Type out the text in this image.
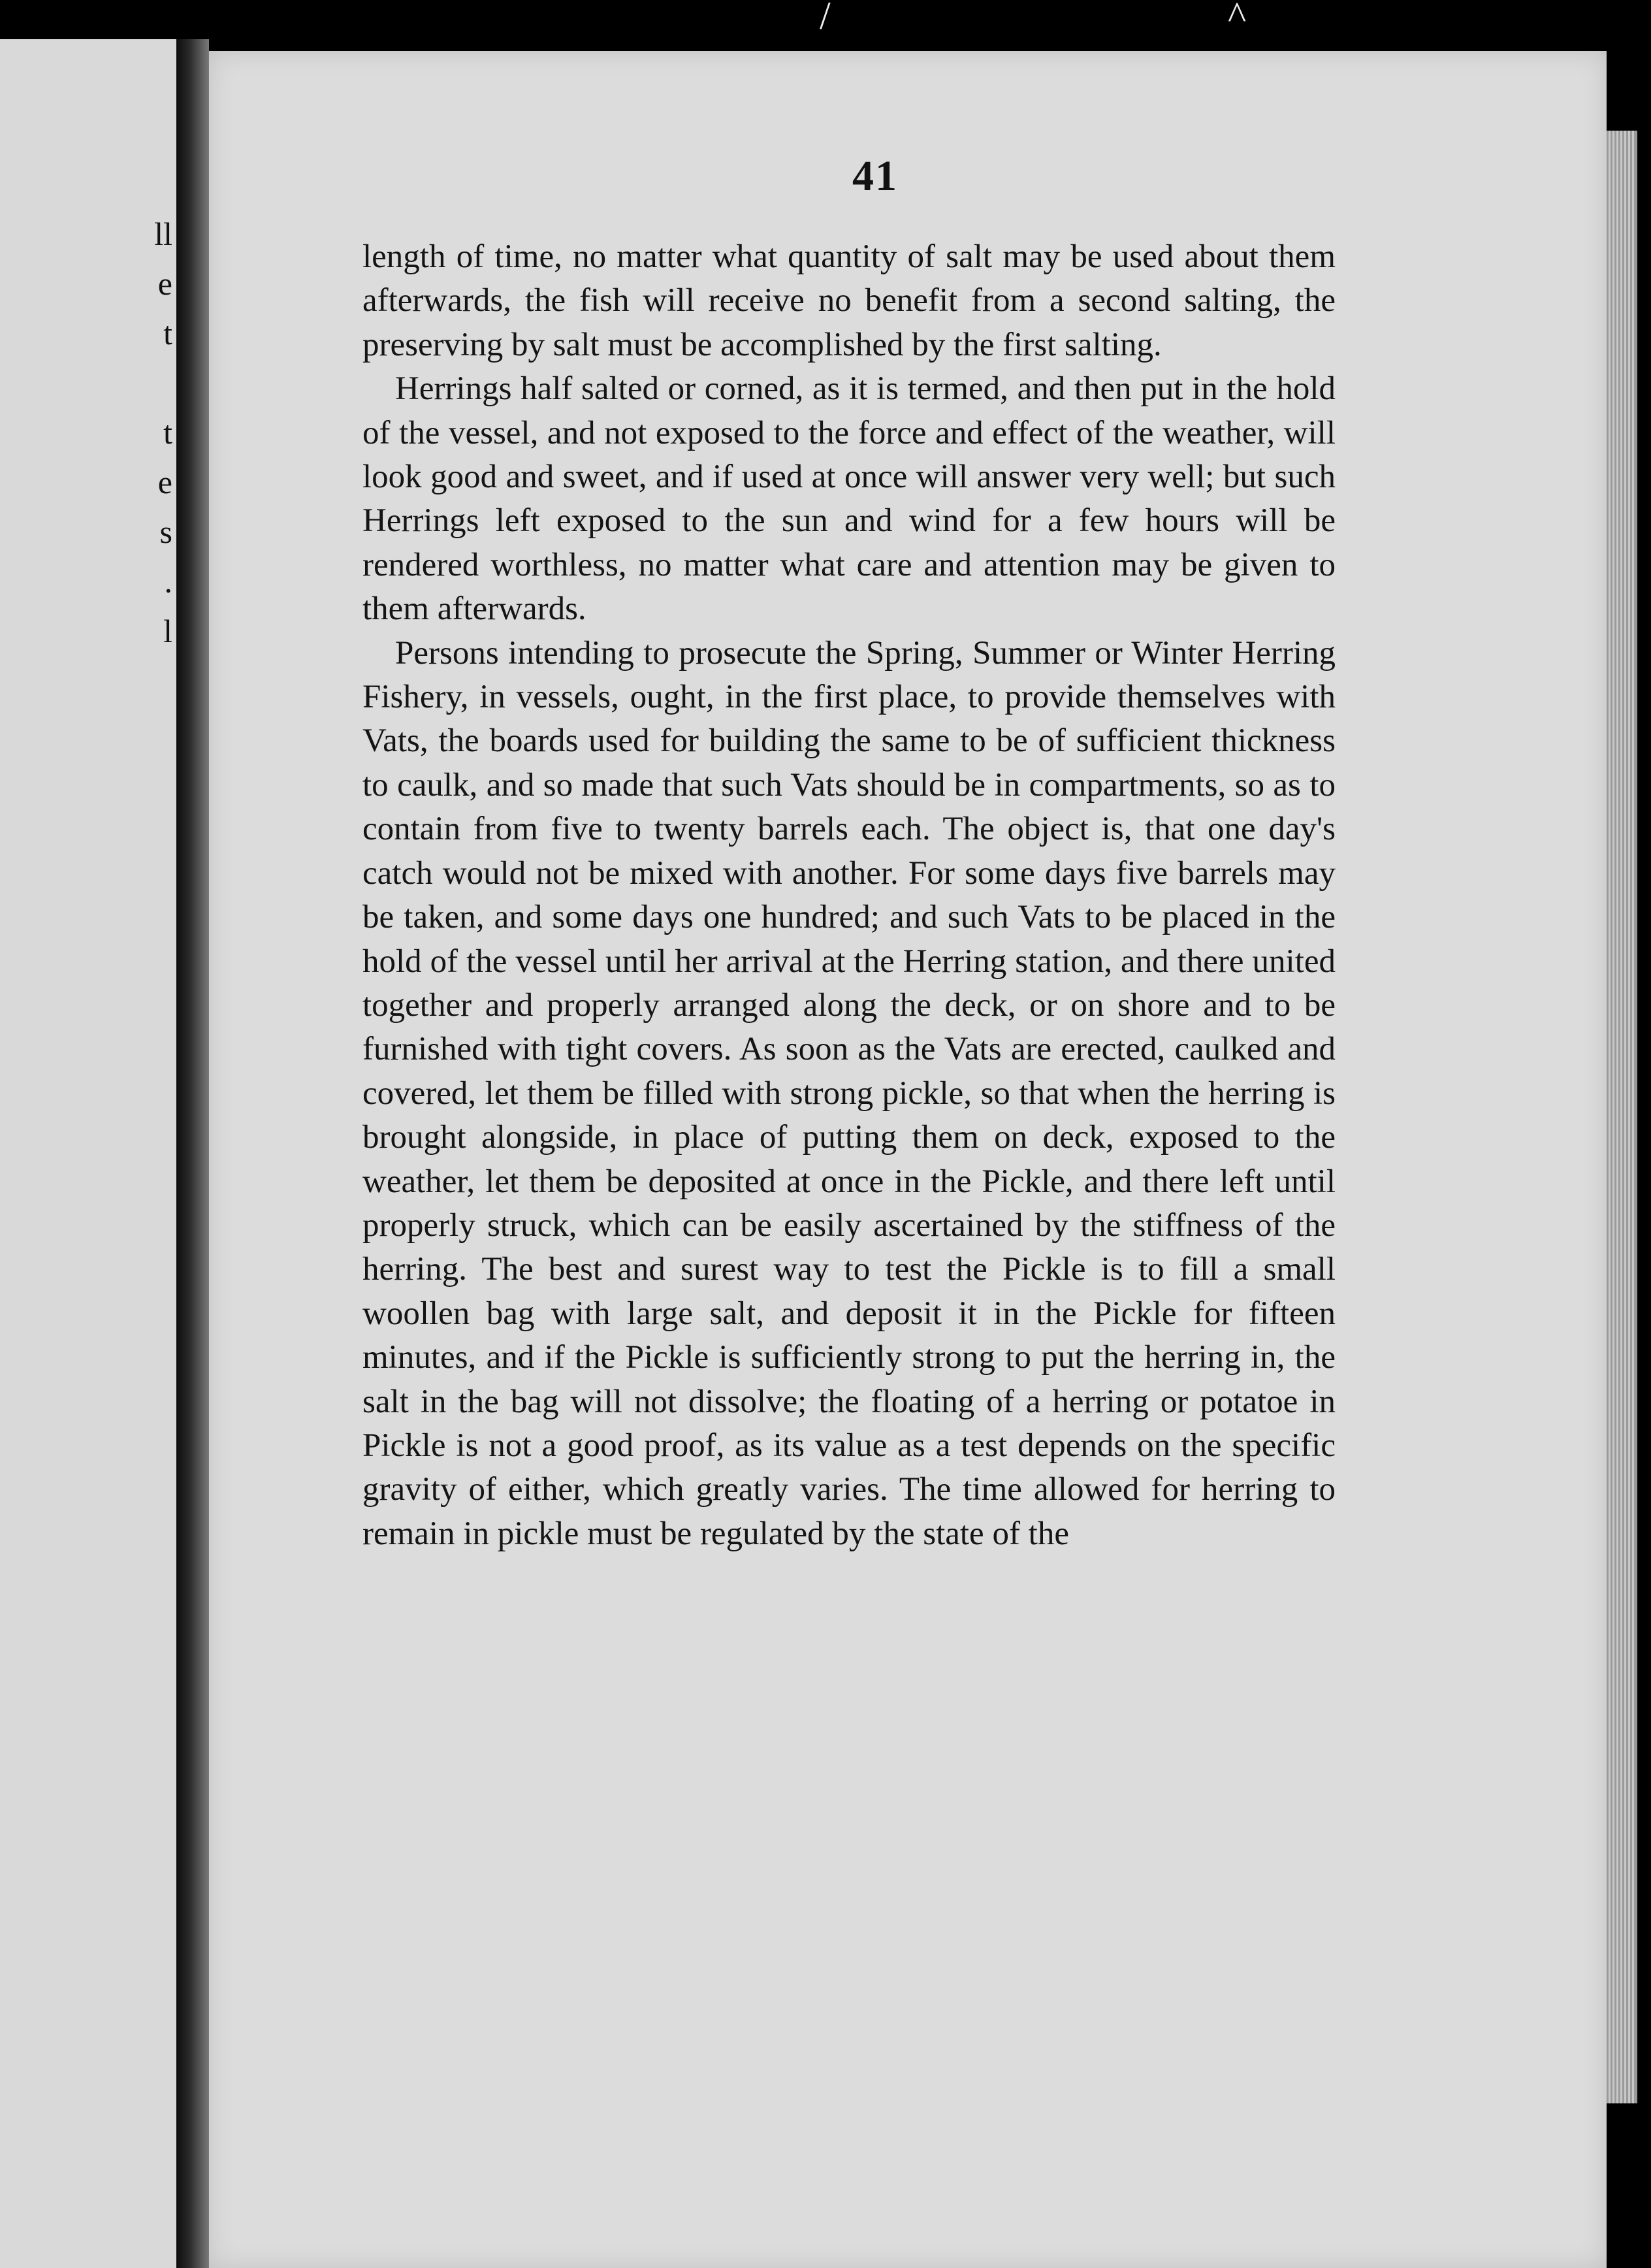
ll
e
t

t
e
s
.
l
41

length of time, no matter what quantity of salt may be used about them afterwards, the fish will receive no benefit from a second salting, the preserving by salt must be accomplished by the first salting.

Herrings half salted or corned, as it is termed, and then put in the hold of the vessel, and not exposed to the force and effect of the weather, will look good and sweet, and if used at once will answer very well; but such Herrings left exposed to the sun and wind for a few hours will be rendered worthless, no matter what care and attention may be given to them afterwards.

Persons intending to prosecute the Spring, Summer or Winter Herring Fishery, in vessels, ought, in the first place, to provide themselves with Vats, the boards used for building the same to be of sufficient thickness to caulk, and so made that such Vats should be in compartments, so as to contain from five to twenty barrels each. The object is, that one day's catch would not be mixed with another. For some days five barrels may be taken, and some days one hundred; and such Vats to be placed in the hold of the vessel until her arrival at the Herring station, and there united together and properly arranged along the deck, or on shore and to be furnished with tight covers. As soon as the Vats are erected, caulked and covered, let them be filled with strong pickle, so that when the herring is brought alongside, in place of putting them on deck, exposed to the weather, let them be deposited at once in the Pickle, and there left until properly struck, which can be easily ascertained by the stiffness of the herring. The best and surest way to test the Pickle is to fill a small woollen bag with large salt, and deposit it in the Pickle for fifteen minutes, and if the Pickle is sufficiently strong to put the herring in, the salt in the bag will not dissolve; the floating of a herring or potatoe in Pickle is not a good proof, as its value as a test depends on the specific gravity of either, which greatly varies. The time allowed for herring to remain in pickle must be regulated by the state of the

/	^
